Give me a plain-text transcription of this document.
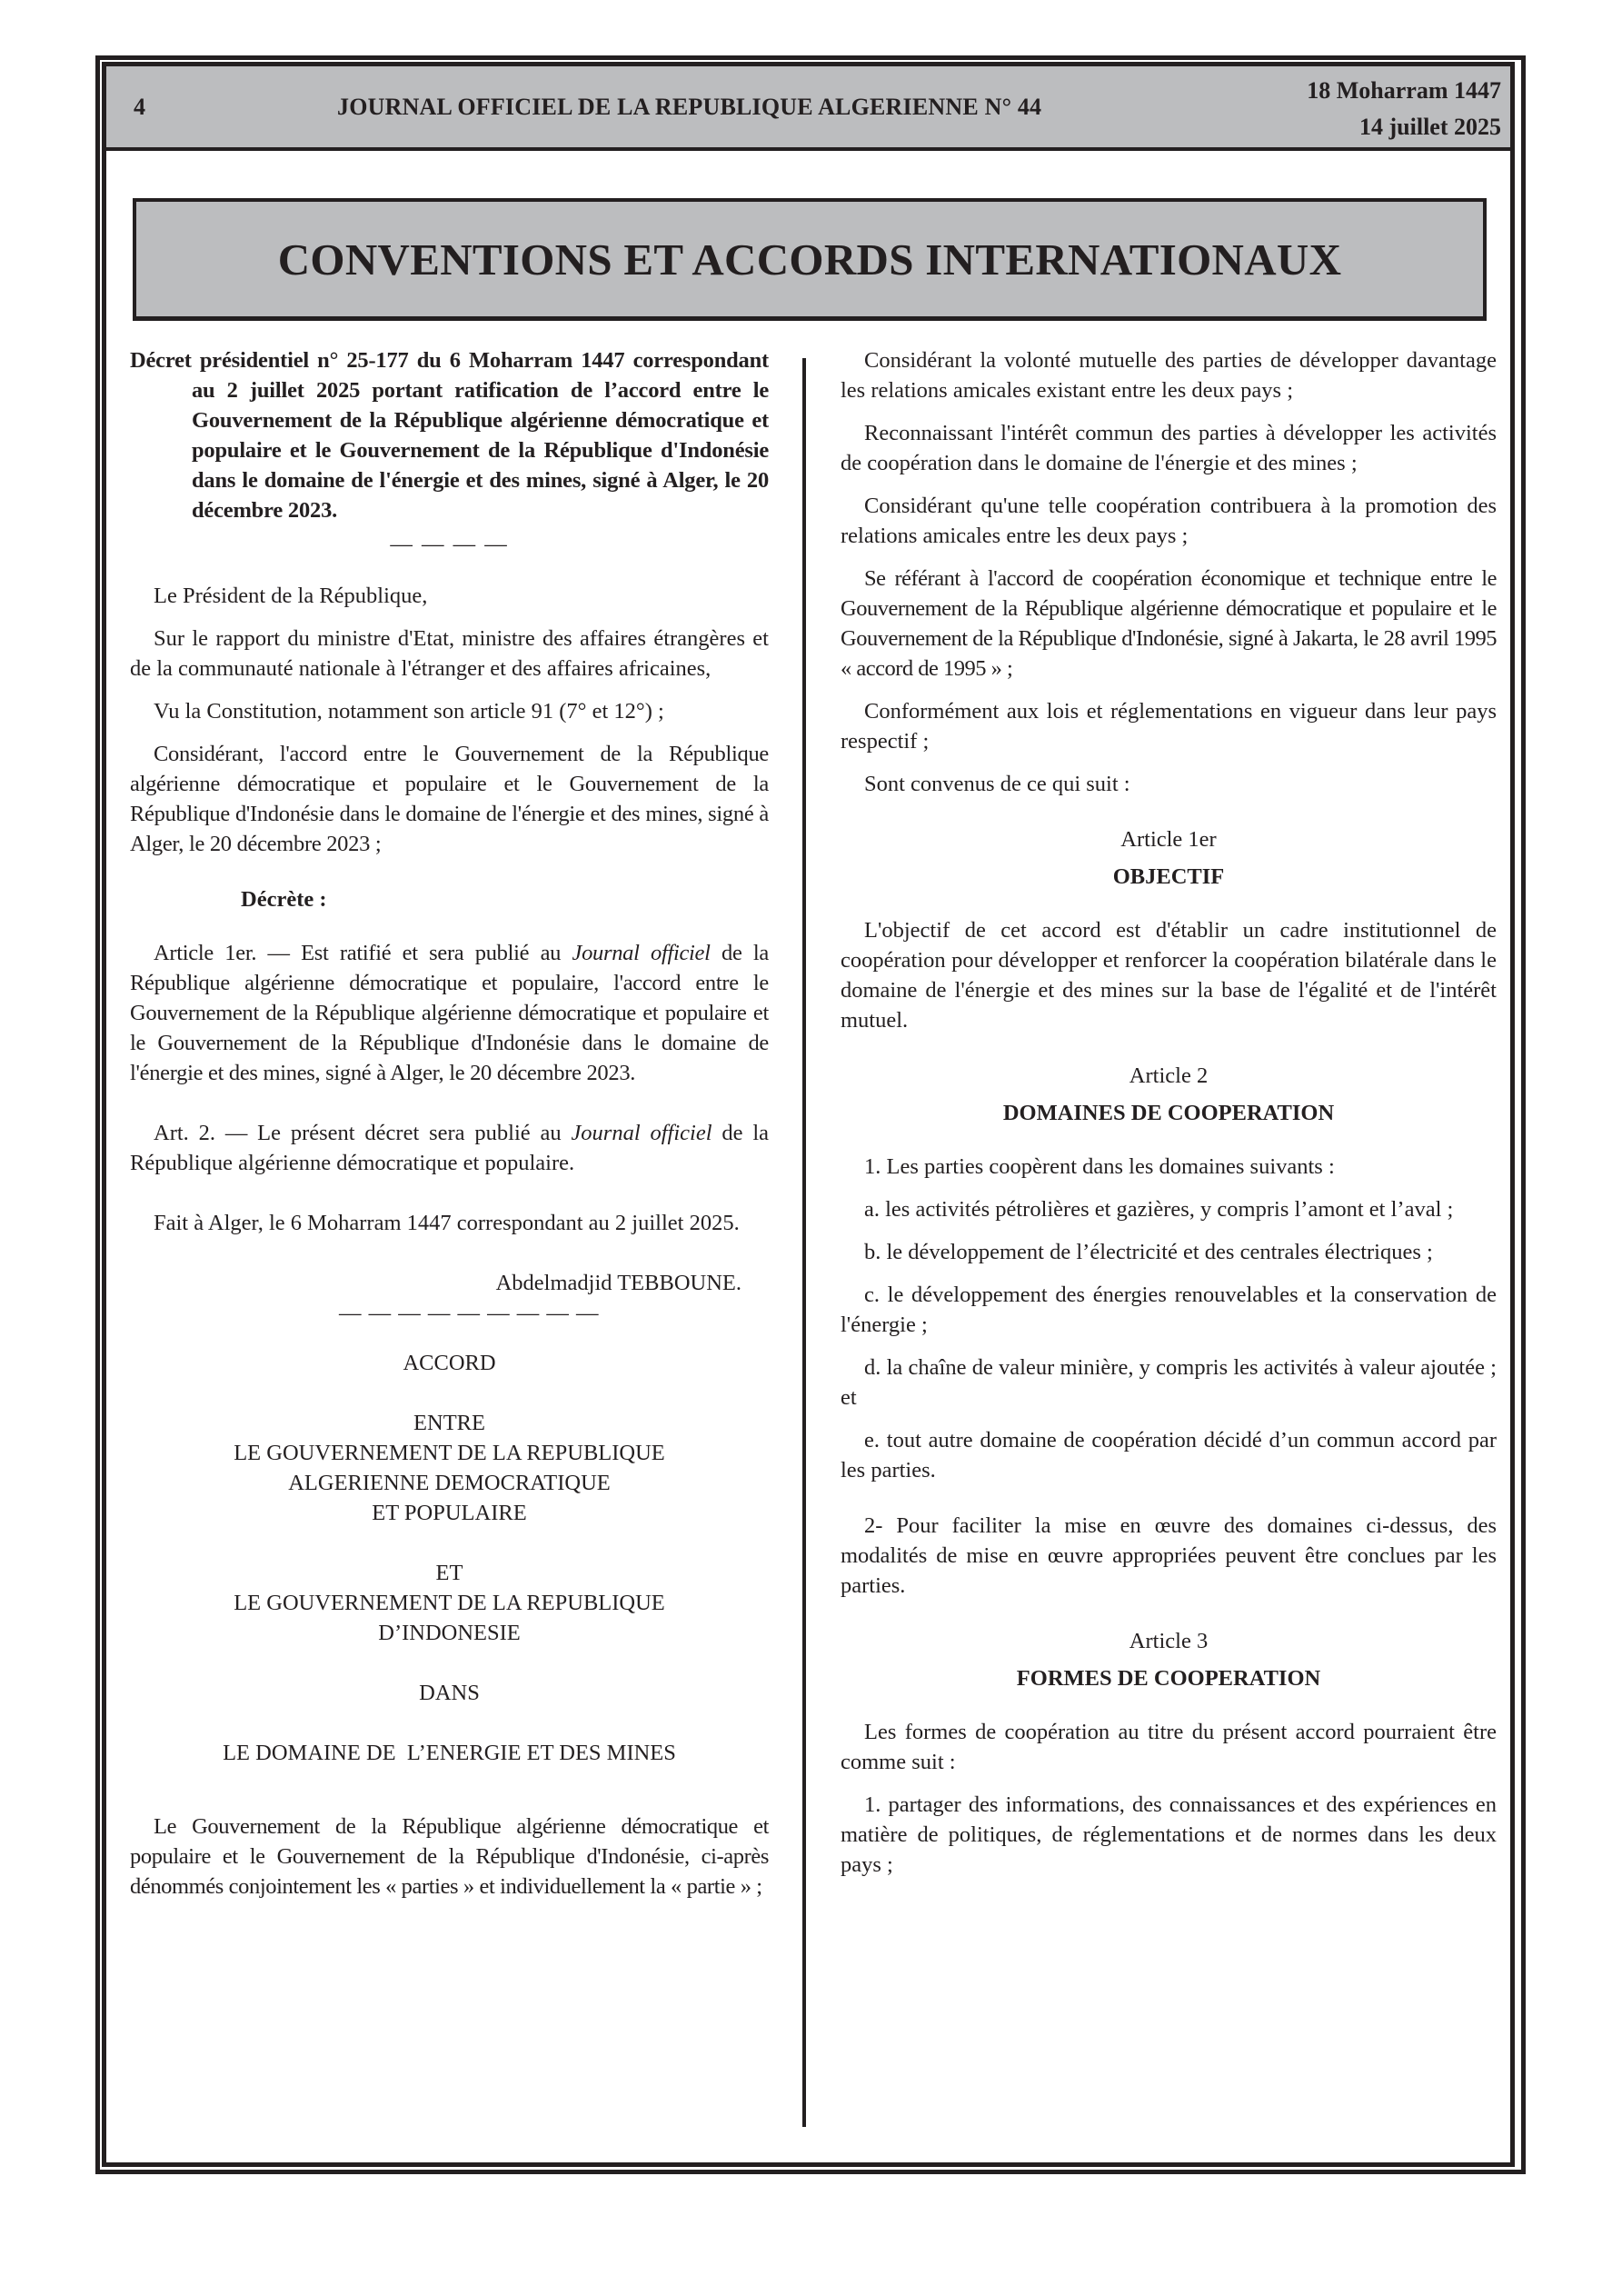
4	JOURNAL OFFICIEL DE LA REPUBLIQUE ALGERIENNE N° 44
18 Moharram 1447
14 juillet 2025
CONVENTIONS ET ACCORDS INTERNATIONAUX

Décret présidentiel n° 25-177 du 6 Moharram 1447 correspondant au 2 juillet 2025 portant ratification de l’accord entre le Gouvernement de la République algérienne démocratique et populaire et le Gouvernement de la République d'Indonésie dans le domaine de l'énergie et des mines, signé à Alger, le 20 décembre 2023.

— — — —

Le Président de la République,

Sur le rapport du ministre d'Etat, ministre des affaires étrangères et de la communauté nationale à l'étranger et des affaires africaines,

Vu la Constitution, notamment son article 91 (7° et 12°) ;

Considérant, l'accord entre le Gouvernement de la République algérienne démocratique et populaire et le Gouvernement de la République d'Indonésie dans le domaine de l'énergie et des mines, signé à Alger, le 20 décembre 2023 ;

Décrète :

Article 1er. — Est ratifié et sera publié au Journal officiel de la République algérienne démocratique et populaire, l'accord entre le Gouvernement de la République algérienne démocratique et populaire et le Gouvernement de la République d'Indonésie dans le domaine de l'énergie et des mines, signé à Alger, le 20 décembre 2023.

Art. 2. — Le présent décret sera publié au Journal officiel de la République algérienne démocratique et populaire.

Fait à Alger, le 6 Moharram 1447 correspondant au 2 juillet 2025.

Abdelmadjid TEBBOUNE.

— — — — — — — — —

ACCORD

ENTRE

LE GOUVERNEMENT DE LA REPUBLIQUE

ALGERIENNE DEMOCRATIQUE

ET POPULAIRE

ET

LE GOUVERNEMENT DE LA REPUBLIQUE

D’INDONESIE

DANS

LE DOMAINE DE  L’ENERGIE ET DES MINES

Le Gouvernement de la République algérienne démocratique et populaire et le Gouvernement de la République d'Indonésie, ci-après dénommés conjointement les « parties » et individuellement la « partie » ;

Considérant la volonté mutuelle des parties de développer davantage les relations amicales existant entre les deux pays ;

Reconnaissant l'intérêt commun des parties à développer les activités de coopération dans le domaine de l'énergie et des mines ;

Considérant qu'une telle coopération contribuera à la promotion des relations amicales entre les deux pays ;

Se référant à l'accord de coopération économique et technique entre le Gouvernement de la République algérienne démocratique et populaire et le Gouvernement de la République d'Indonésie, signé à Jakarta, le 28 avril 1995 « accord de 1995 » ;

Conformément aux lois et réglementations en vigueur dans leur pays respectif ;

Sont convenus de ce qui suit :

Article 1er

OBJECTIF

L'objectif de cet accord est d'établir un cadre institutionnel de coopération pour développer et renforcer la coopération bilatérale dans le domaine de l'énergie et des mines sur la base de l'égalité et de l'intérêt mutuel.

Article 2

DOMAINES DE COOPERATION

1. Les parties coopèrent dans les domaines suivants :

a. les activités pétrolières et gazières, y compris l’amont et l’aval ;

b. le développement de l’électricité et des centrales électriques ;

c. le développement des énergies renouvelables et la conservation de l'énergie ;

d. la chaîne de valeur minière, y compris les activités à valeur ajoutée ; et

e. tout autre domaine de coopération décidé d’un commun accord par les parties.

2- Pour faciliter la mise en œuvre des domaines ci-dessus, des modalités de mise en œuvre appropriées peuvent être conclues par les parties.

Article 3

FORMES DE COOPERATION

Les formes de coopération au titre du présent accord pourraient être comme suit :

1. partager des informations, des connaissances et des expériences en matière de politiques, de réglementations et de normes dans les deux pays ;
